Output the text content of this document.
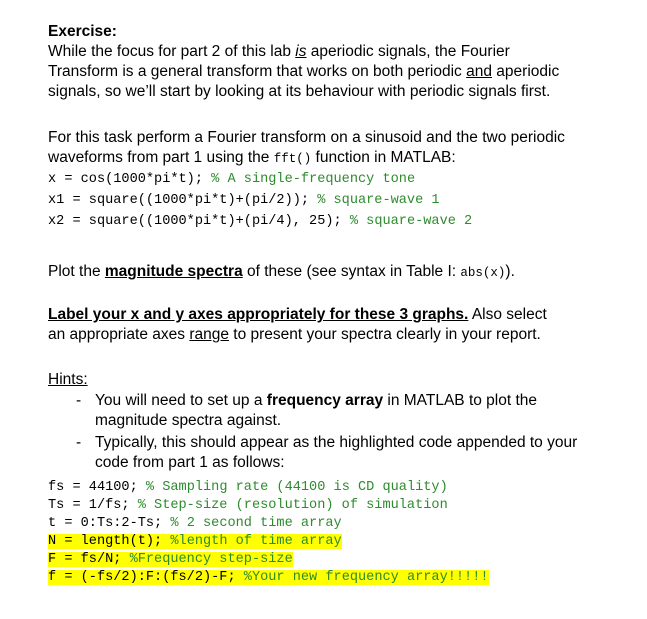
Exercise:
While the focus for part 2 of this lab is aperiodic signals, the Fourier
Transform is a general transform that works on both periodic and aperiodic
signals, so we’ll start by looking at its behaviour with periodic signals first.
For this task perform a Fourier transform on a sinusoid and the two periodic
waveforms from part 1 using the fft() function in MATLAB:
x = cos(1000*pi*t); % A single-frequency tone
x1 = square((1000*pi*t)+(pi/2)); % square-wave 1
x2 = square((1000*pi*t)+(pi/4), 25); % square-wave 2
Plot the magnitude spectra of these (see syntax in Table I: abs(x)).
Label your x and y axes appropriately for these 3 graphs. Also select
an appropriate axes range to present your spectra clearly in your report.
Hints:
- You will need to set up a frequency array in MATLAB to plot the
magnitude spectra against.
- Typically, this should appear as the highlighted code appended to your
code from part 1 as follows:
fs = 44100; % Sampling rate (44100 is CD quality)
Ts = 1/fs; % Step-size (resolution) of simulation
t = 0:Ts:2-Ts; % 2 second time array
N = length(t); %length of time array
F = fs/N; %Frequency step-size
f = (-fs/2):F:(fs/2)-F; %Your new frequency array!!!!!
